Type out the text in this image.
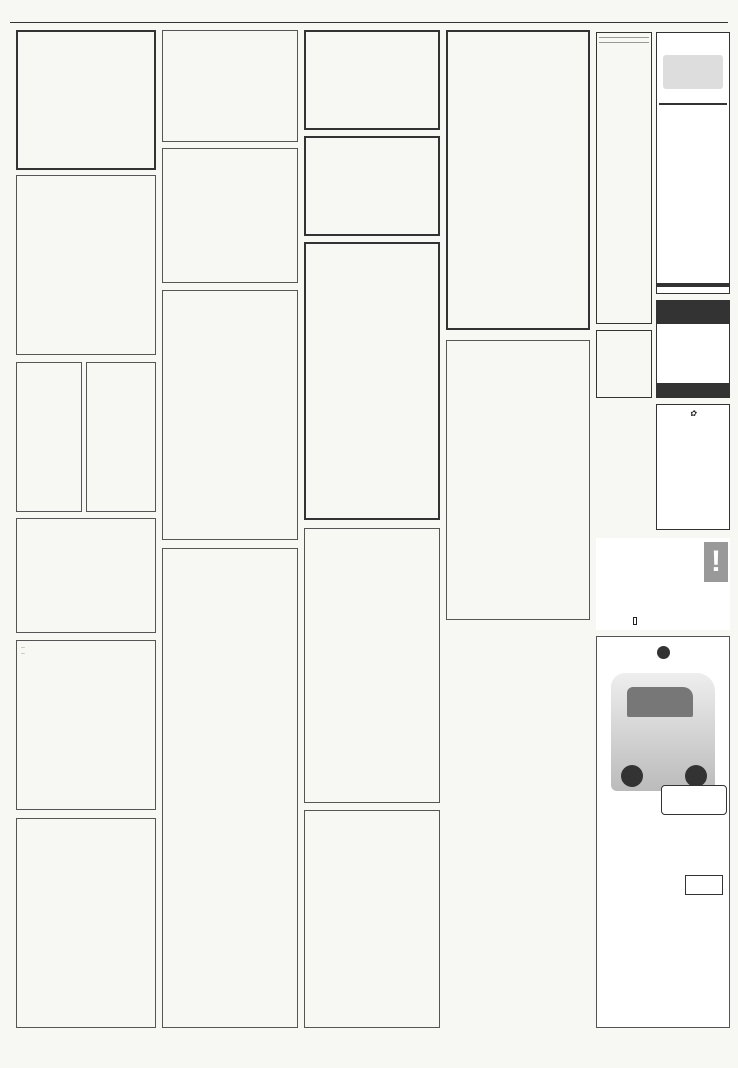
—

—

✿
!
